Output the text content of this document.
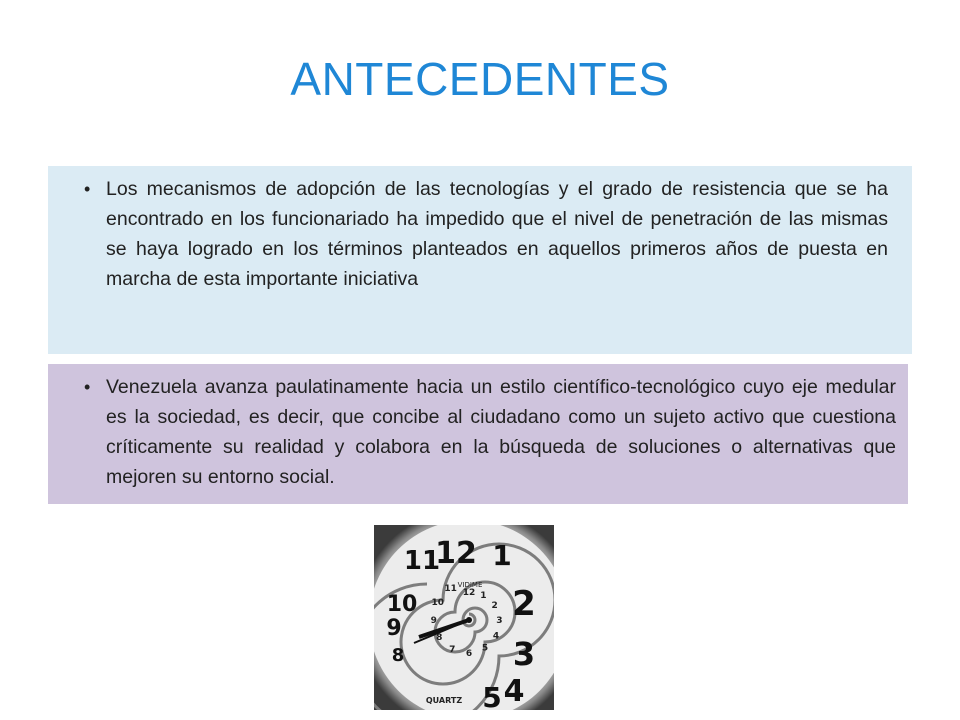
ANTECEDENTES
• Los mecanismos de adopción de las tecnologías y el grado de resistencia que se ha encontrado en los funcionariado ha impedido que el nivel de penetración de las mismas se haya logrado en los términos planteados en aquellos primeros años de puesta en marcha de esta importante iniciativa
• Venezuela avanza paulatinamente hacia un estilo científico-tecnológico cuyo eje medular es la sociedad, es decir, que concibe al ciudadano como un sujeto activo que cuestiona críticamente su realidad y colabora en la búsqueda de soluciones o alternativas que mejoren su entorno social.
12 1
2
3
4
5
11
10
9
8
12 1
2
3
4
5
6
7
8
9
10
11 VIDIME
QUARTZ
